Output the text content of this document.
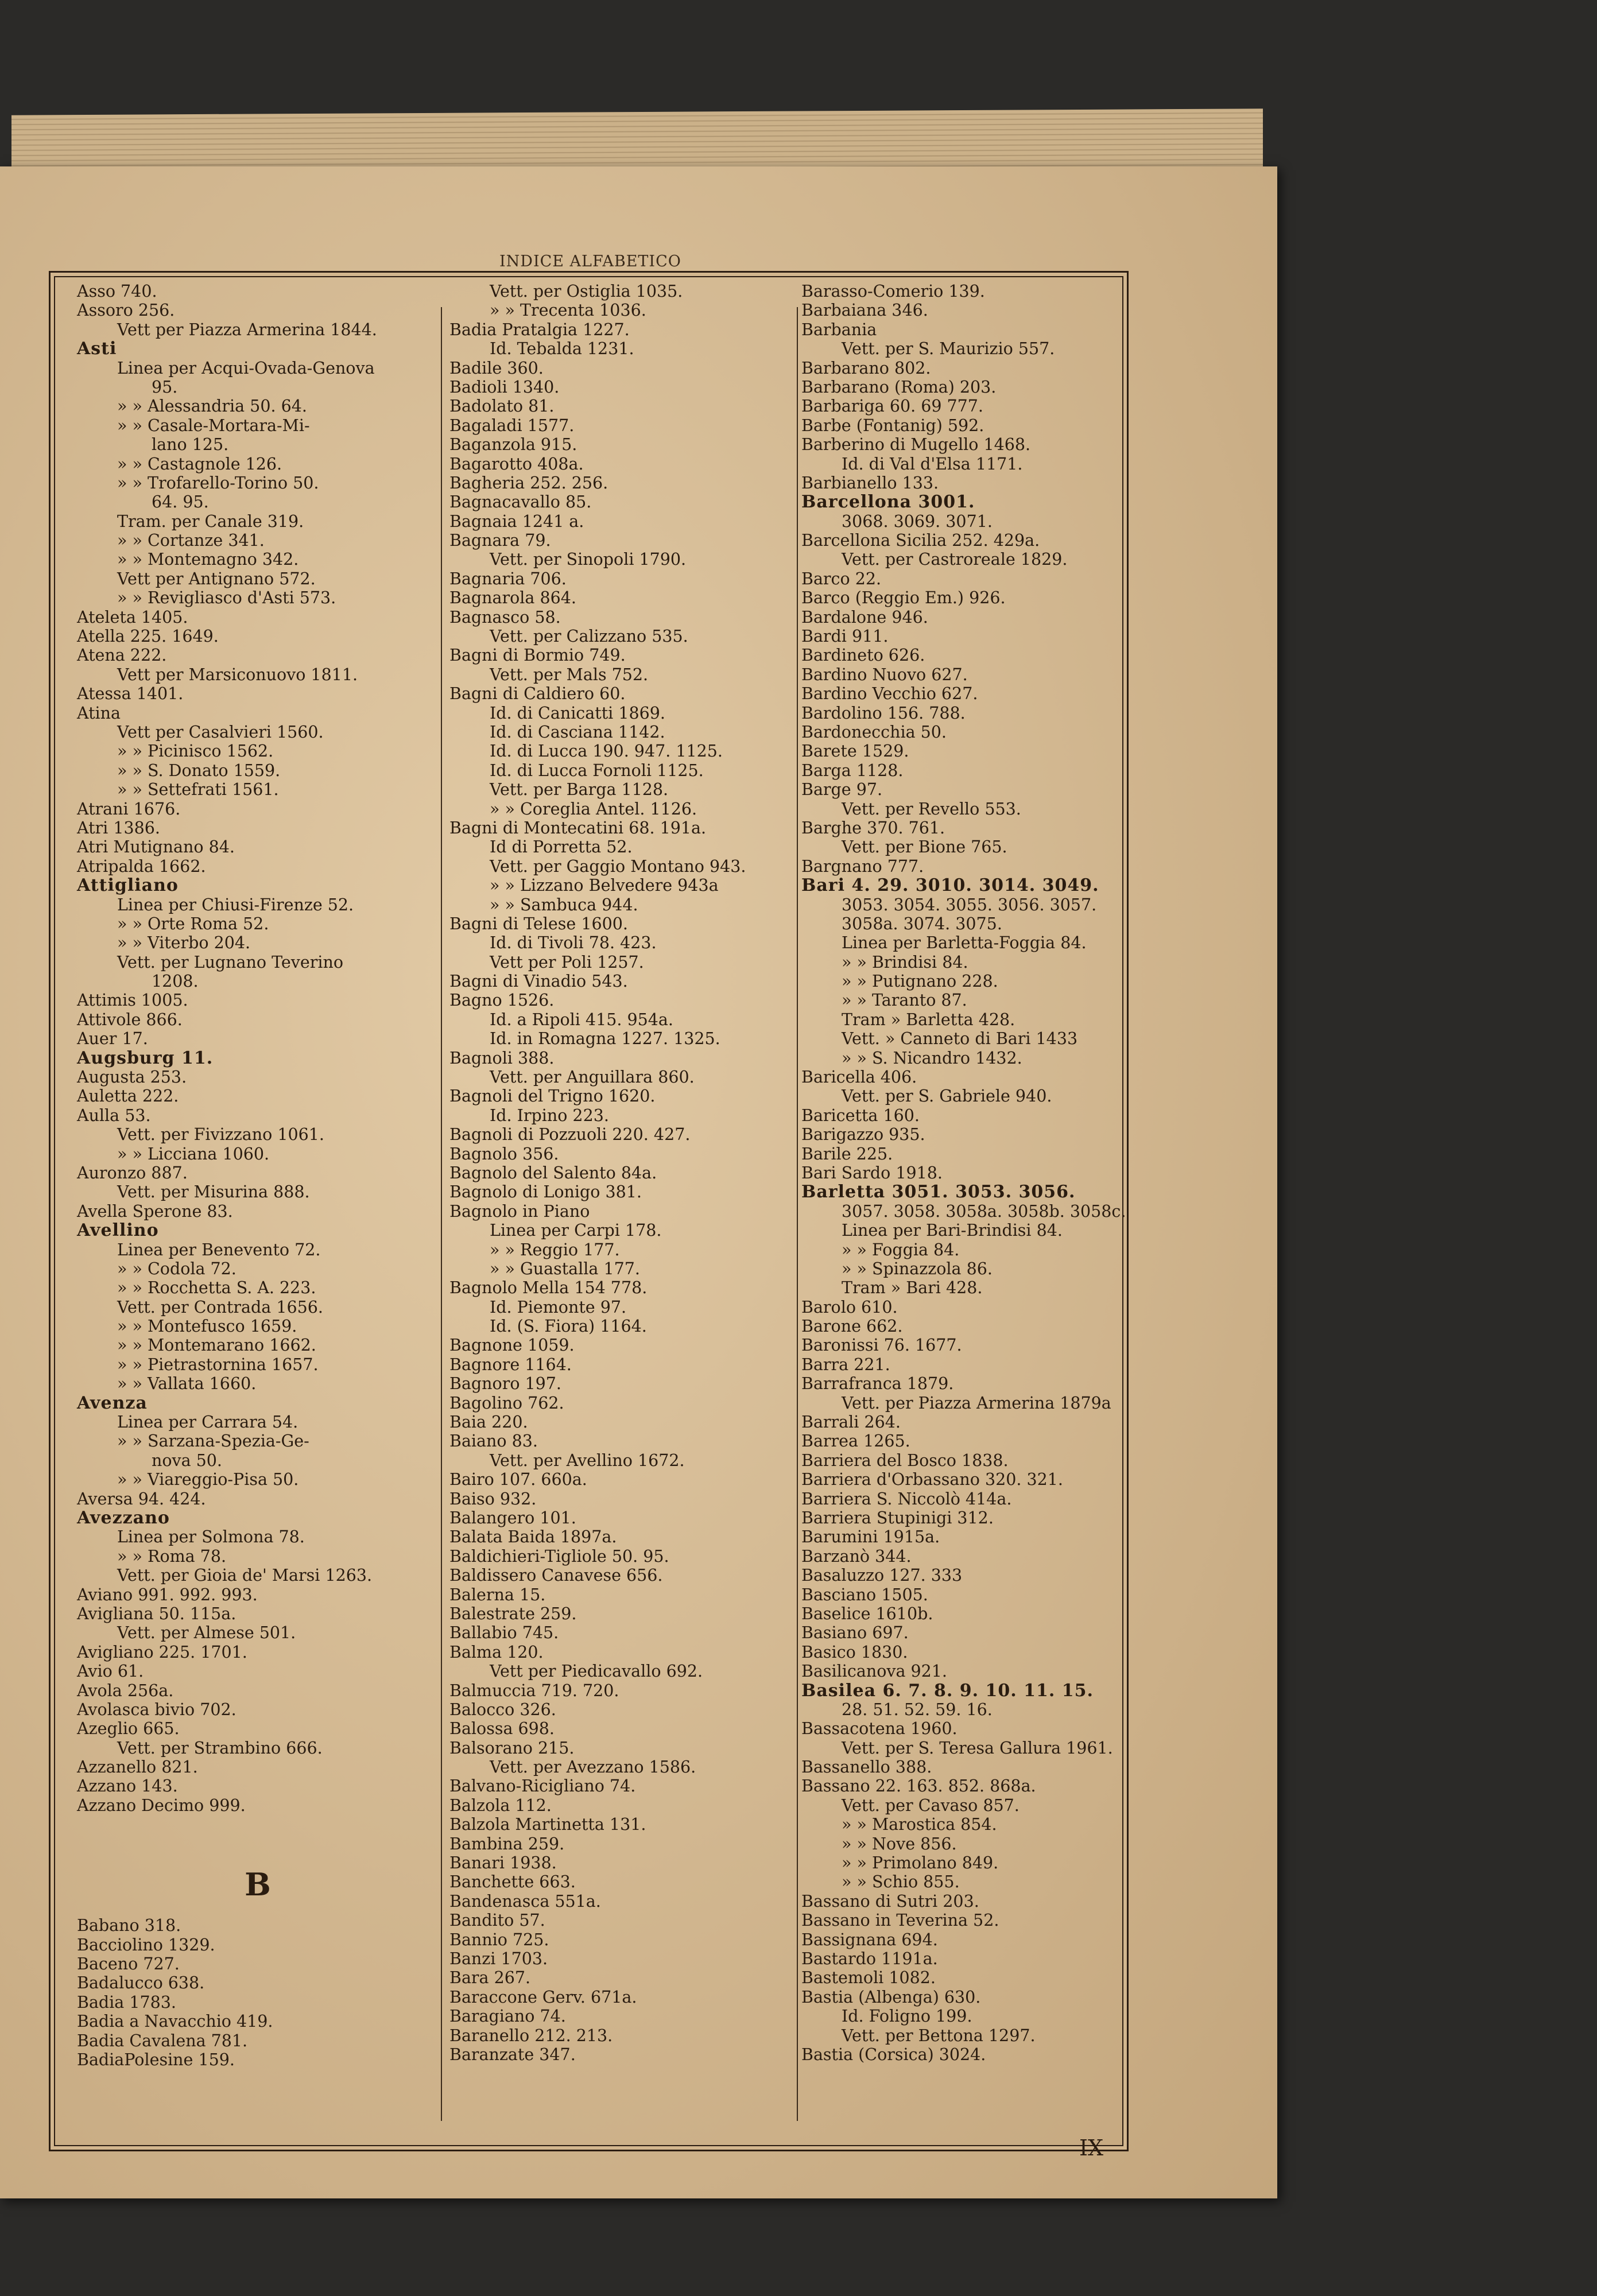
INDICE ALFABETICO
Asso 740.
Assoro 256.
Vett per Piazza Armerina 1844.
Asti
Linea per Acqui-Ovada-Genova
95.
» » Alessandria 50. 64.
» » Casale-Mortara-Mi-
lano 125.
» » Castagnole 126.
» » Trofarello-Torino 50.
64. 95.
Tram. per Canale 319.
» » Cortanze 341.
» » Montemagno 342.
Vett per Antignano 572.
» » Revigliasco d'Asti 573.
Ateleta 1405.
Atella 225. 1649.
Atena 222.
Vett per Marsiconuovo 1811.
Atessa 1401.
Atina
Vett per Casalvieri 1560.
» » Picinisco 1562.
» » S. Donato 1559.
» » Settefrati 1561.
Atrani 1676.
Atri 1386.
Atri Mutignano 84.
Atripalda 1662.
Attigliano
Linea per Chiusi-Firenze 52.
» » Orte Roma 52.
» » Viterbo 204.
Vett. per Lugnano Teverino
1208.
Attimis 1005.
Attivole 866.
Auer 17.
Augsburg 11.
Augusta 253.
Auletta 222.
Aulla 53.
Vett. per Fivizzano 1061.
» » Licciana 1060.
Auronzo 887.
Vett. per Misurina 888.
Avella Sperone 83.
Avellino
Linea per Benevento 72.
» » Codola 72.
» » Rocchetta S. A. 223.
Vett. per Contrada 1656.
» » Montefusco 1659.
» » Montemarano 1662.
» » Pietrastornina 1657.
» » Vallata 1660.
Avenza
Linea per Carrara 54.
» » Sarzana-Spezia-Ge-
nova 50.
» » Viareggio-Pisa 50.
Aversa 94. 424.
Avezzano
Linea per Solmona 78.
» » Roma 78.
Vett. per Gioia de' Marsi 1263.
Aviano 991. 992. 993.
Avigliana 50. 115a.
Vett. per Almese 501.
Avigliano 225. 1701.
Avio 61.
Avola 256a.
Avolasca bivio 702.
Azeglio 665.
Vett. per Strambino 666.
Azzanello 821.
Azzano 143.
Azzano Decimo 999.
B
Babano 318.
Bacciolino 1329.
Baceno 727.
Badalucco 638.
Badia 1783.
Badia a Navacchio 419.
Badia Cavalena 781.
BadiaPolesine 159.
Vett. per Ostiglia 1035.
» » Trecenta 1036.
Badia Pratalgia 1227.
Id. Tebalda 1231.
Badile 360.
Badioli 1340.
Badolato 81.
Bagaladi 1577.
Baganzola 915.
Bagarotto 408a.
Bagheria 252. 256.
Bagnacavallo 85.
Bagnaia 1241 a.
Bagnara 79.
Vett. per Sinopoli 1790.
Bagnaria 706.
Bagnarola 864.
Bagnasco 58.
Vett. per Calizzano 535.
Bagni di Bormio 749.
Vett. per Mals 752.
Bagni di Caldiero 60.
Id. di Canicatti 1869.
Id. di Casciana 1142.
Id. di Lucca 190. 947. 1125.
Id. di Lucca Fornoli 1125.
Vett. per Barga 1128.
» » Coreglia Antel. 1126.
Bagni di Montecatini 68. 191a.
Id di Porretta 52.
Vett. per Gaggio Montano 943.
» » Lizzano Belvedere 943a
» » Sambuca 944.
Bagni di Telese 1600.
Id. di Tivoli 78. 423.
Vett per Poli 1257.
Bagni di Vinadio 543.
Bagno 1526.
Id. a Ripoli 415. 954a.
Id. in Romagna 1227. 1325.
Bagnoli 388.
Vett. per Anguillara 860.
Bagnoli del Trigno 1620.
Id. Irpino 223.
Bagnoli di Pozzuoli 220. 427.
Bagnolo 356.
Bagnolo del Salento 84a.
Bagnolo di Lonigo 381.
Bagnolo in Piano
Linea per Carpi 178.
» » Reggio 177.
» » Guastalla 177.
Bagnolo Mella 154 778.
Id. Piemonte 97.
Id. (S. Fiora) 1164.
Bagnone 1059.
Bagnore 1164.
Bagnoro 197.
Bagolino 762.
Baia 220.
Baiano 83.
Vett. per Avellino 1672.
Bairo 107. 660a.
Baiso 932.
Balangero 101.
Balata Baida 1897a.
Baldichieri-Tigliole 50. 95.
Baldissero Canavese 656.
Balerna 15.
Balestrate 259.
Ballabio 745.
Balma 120.
Vett per Piedicavallo 692.
Balmuccia 719. 720.
Balocco 326.
Balossa 698.
Balsorano 215.
Vett. per Avezzano 1586.
Balvano-Ricigliano 74.
Balzola 112.
Balzola Martinetta 131.
Bambina 259.
Banari 1938.
Banchette 663.
Bandenasca 551a.
Bandito 57.
Bannio 725.
Banzi 1703.
Bara 267.
Baraccone Gerv. 671a.
Baragiano 74.
Baranello 212. 213.
Baranzate 347.
Barasso-Comerio 139.
Barbaiana 346.
Barbania
Vett. per S. Maurizio 557.
Barbarano 802.
Barbarano (Roma) 203.
Barbariga 60. 69 777.
Barbe (Fontanig) 592.
Barberino di Mugello 1468.
Id. di Val d'Elsa 1171.
Barbianello 133.
Barcellona 3001.
3068. 3069. 3071.
Barcellona Sicilia 252. 429a.
Vett. per Castroreale 1829.
Barco 22.
Barco (Reggio Em.) 926.
Bardalone 946.
Bardi 911.
Bardineto 626.
Bardino Nuovo 627.
Bardino Vecchio 627.
Bardolino 156. 788.
Bardonecchia 50.
Barete 1529.
Barga 1128.
Barge 97.
Vett. per Revello 553.
Barghe 370. 761.
Vett. per Bione 765.
Bargnano 777.
Bari 4. 29. 3010. 3014. 3049.
3053. 3054. 3055. 3056. 3057.
3058a. 3074. 3075.
Linea per Barletta-Foggia 84.
» » Brindisi 84.
» » Putignano 228.
» » Taranto 87.
Tram » Barletta 428.
Vett. » Canneto di Bari 1433
» » S. Nicandro 1432.
Baricella 406.
Vett. per S. Gabriele 940.
Baricetta 160.
Barigazzo 935.
Barile 225.
Bari Sardo 1918.
Barletta 3051. 3053. 3056.
3057. 3058. 3058a. 3058b. 3058c.
Linea per Bari-Brindisi 84.
» » Foggia 84.
» » Spinazzola 86.
Tram » Bari 428.
Barolo 610.
Barone 662.
Baronissi 76. 1677.
Barra 221.
Barrafranca 1879.
Vett. per Piazza Armerina 1879a
Barrali 264.
Barrea 1265.
Barriera del Bosco 1838.
Barriera d'Orbassano 320. 321.
Barriera S. Niccolò 414a.
Barriera Stupinigi 312.
Barumini 1915a.
Barzanò 344.
Basaluzzo 127. 333
Basciano 1505.
Baselice 1610b.
Basiano 697.
Basico 1830.
Basilicanova 921.
Basilea 6. 7. 8. 9. 10. 11. 15.
28. 51. 52. 59. 16.
Bassacotena 1960.
Vett. per S. Teresa Gallura 1961.
Bassanello 388.
Bassano 22. 163. 852. 868a.
Vett. per Cavaso 857.
» » Marostica 854.
» » Nove 856.
» » Primolano 849.
» » Schio 855.
Bassano di Sutri 203.
Bassano in Teverina 52.
Bassignana 694.
Bastardo 1191a.
Bastemoli 1082.
Bastia (Albenga) 630.
Id. Foligno 199.
Vett. per Bettona 1297.
Bastia (Corsica) 3024.
IX
